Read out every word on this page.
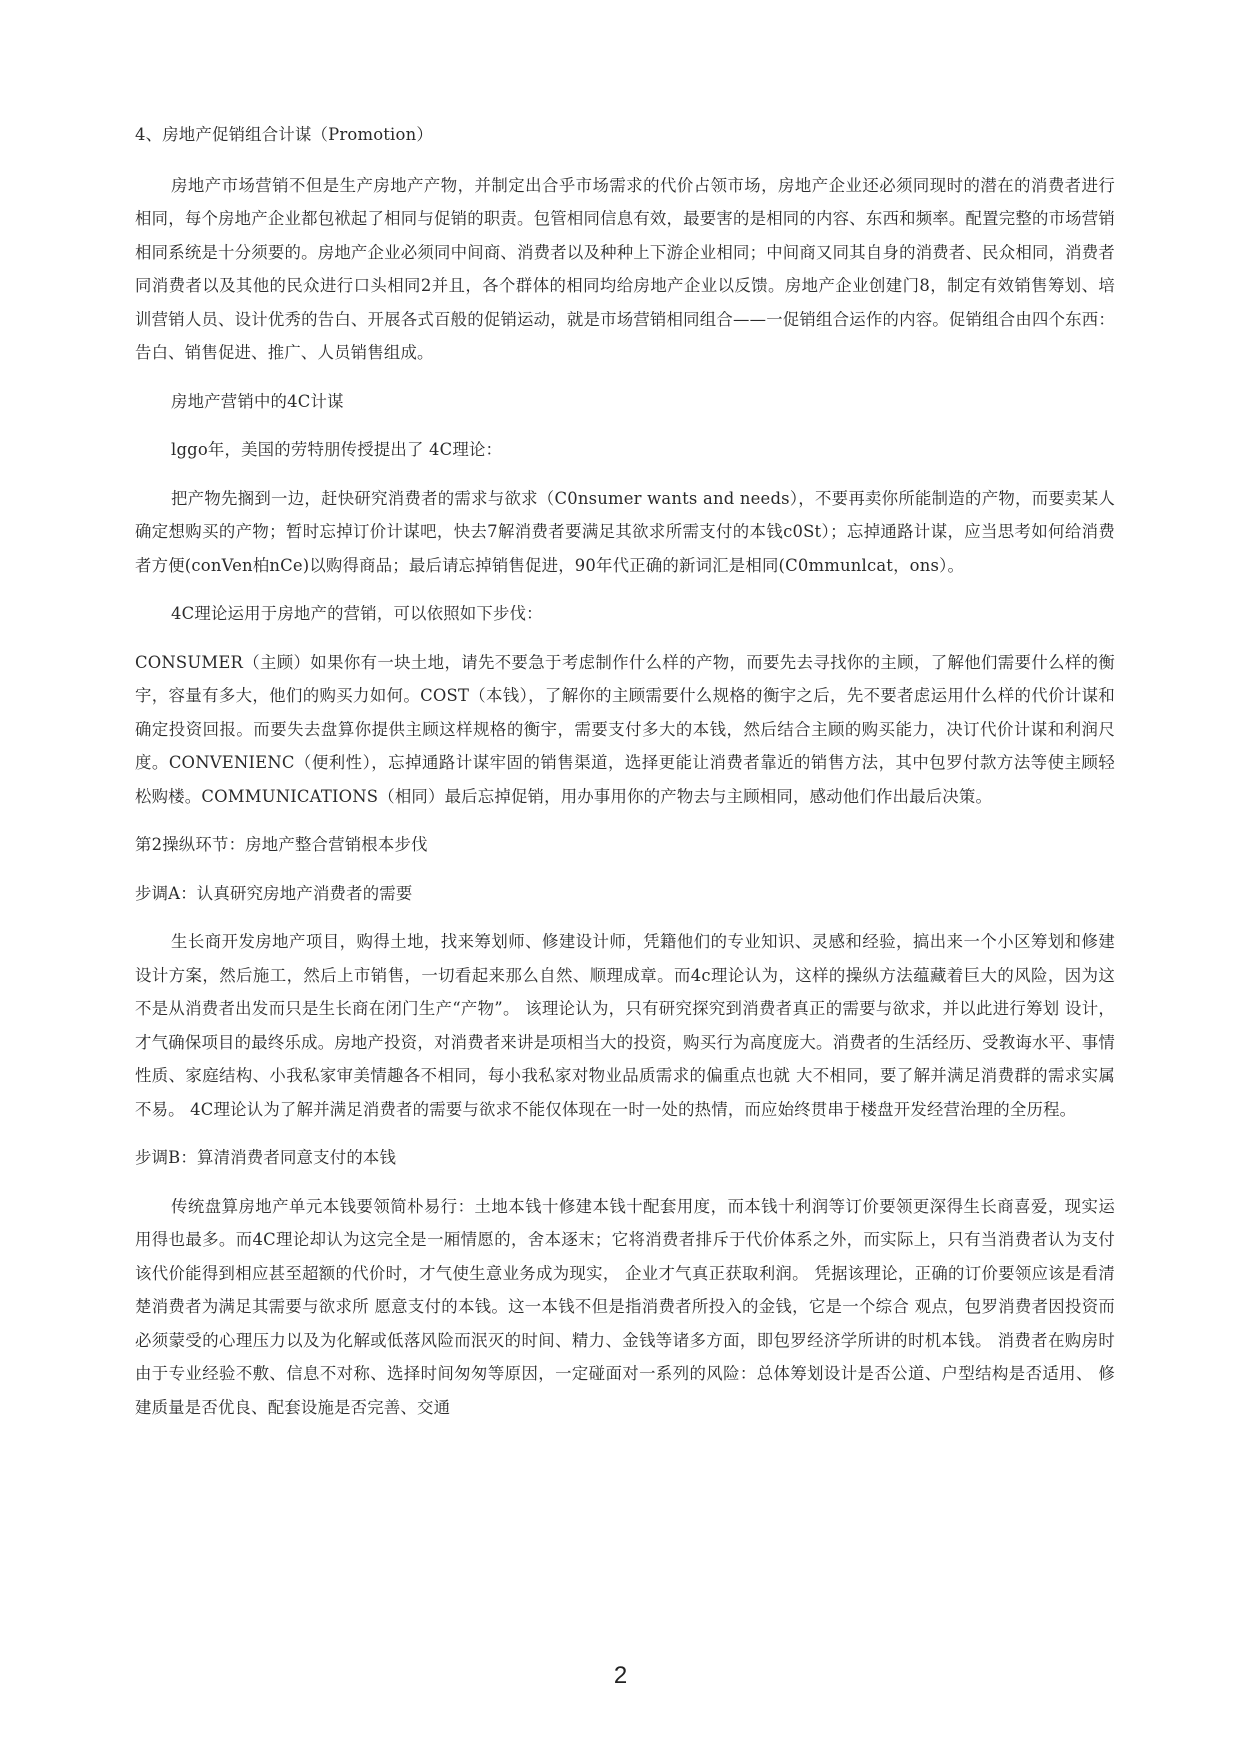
4、房地产促销组合计谋（Promotion）

房地产市场营销不但是生产房地产产物，并制定出合乎市场需求的代价占领市场，房地产企业还必须同现时的潜在的消费者进行相同，每个房地产企业都包袱起了相同与促销的职责。包管相同信息有效，最要害的是相同的内容、东西和频率。配置完整的市场营销相同系统是十分须要的。房地产企业必须同中间商、消费者以及种种上下游企业相同；中间商又同其自身的消费者、民众相同，消费者同消费者以及其他的民众进行口头相同2并且，各个群体的相同均给房地产企业以反馈。房地产企业创建门8，制定有效销售筹划、培训营销人员、设计优秀的告白、开展各式百般的促销运动，就是市场营销相同组合——一促销组合运作的内容。促销组合由四个东西：告白、销售促进、推广、人员销售组成。

房地产营销中的4C计谋

lggo年，美国的劳特朋传授提出了 4C理论：

把产物先搁到一边，赶快研究消费者的需求与欲求（C0nsumer wants and needs），不要再卖你所能制造的产物，而要卖某人确定想购买的产物；暂时忘掉订价计谋吧，快去7解消费者要满足其欲求所需支付的本钱c0St）；忘掉通路计谋，应当思考如何给消费者方便(conVen柏nCe)以购得商品；最后请忘掉销售促进，90年代正确的新词汇是相同(C0mmunlcat，ons）。

4C理论运用于房地产的营销，可以依照如下步伐：

CONSUMER（主顾）如果你有一块土地，请先不要急于考虑制作什么样的产物，而要先去寻找你的主顾，了解他们需要什么样的衡宇，容量有多大，他们的购买力如何。COST（本钱），了解你的主顾需要什么规格的衡宇之后，先不要者虑运用什么样的代价计谋和确定投资回报。而要失去盘算你提供主顾这样规格的衡宇，需要支付多大的本钱，然后结合主顾的购买能力，决订代价计谋和利润尺度。CONVENIENC（便利性），忘掉通路计谋牢固的销售渠道，选择更能让消费者靠近的销售方法，其中包罗付款方法等使主顾轻松购楼。COMMUNICATIONS（相同）最后忘掉促销，用办事用你的产物去与主顾相同，感动他们作出最后决策。

第2操纵环节：房地产整合营销根本步伐

步调A：认真研究房地产消费者的需要

生长商开发房地产项目，购得土地，找来筹划师、修建设计师，凭籍他们的专业知识、灵感和经验，搞出来一个小区筹划和修建设计方案，然后施工，然后上市销售，一切看起来那么自然、顺理成章。而4c理论认为，这样的操纵方法蕴藏着巨大的风险，因为这不是从消费者出发而只是生长商在闭门生产“产物”。 该理论认为，只有研究探究到消费者真正的需要与欲求，并以此进行筹划 设计，才气确保项目的最终乐成。房地产投资，对消费者来讲是项相当大的投资，购买行为高度庞大。消费者的生活经历、受教诲水平、事情性质、家庭结构、小我私家审美情趣各不相同，每小我私家对物业品质需求的偏重点也就 大不相同，要了解并满足消费群的需求实属不易。 4C理论认为了解并满足消费者的需要与欲求不能仅体现在一时一处的热情，而应始终贯串于楼盘开发经营治理的全历程。

步调B：算清消费者同意支付的本钱

传统盘算房地产单元本钱要领简朴易行：土地本钱十修建本钱十配套用度，而本钱十利润等订价要领更深得生长商喜爱，现实运用得也最多。而4C理论却认为这完全是一厢情愿的，舍本逐末；它将消费者排斥于代价体系之外，而实际上，只有当消费者认为支付该代价能得到相应甚至超额的代价时，才气使生意业务成为现实， 企业才气真正获取利润。 凭据该理论，正确的订价要领应该是看清楚消费者为满足其需要与欲求所 愿意支付的本钱。这一本钱不但是指消费者所投入的金钱，它是一个综合 观点，包罗消费者因投资而必须蒙受的心理压力以及为化解或低落风险而泯灭的时间、精力、金钱等诸多方面，即包罗经济学所讲的时机本钱。 消费者在购房时由于专业经验不敷、信息不对称、选择时间匆匆等原因，一定碰面对一系列的风险：总体筹划设计是否公道、户型结构是否适用、 修建质量是否优良、配套设施是否完善、交通

2
